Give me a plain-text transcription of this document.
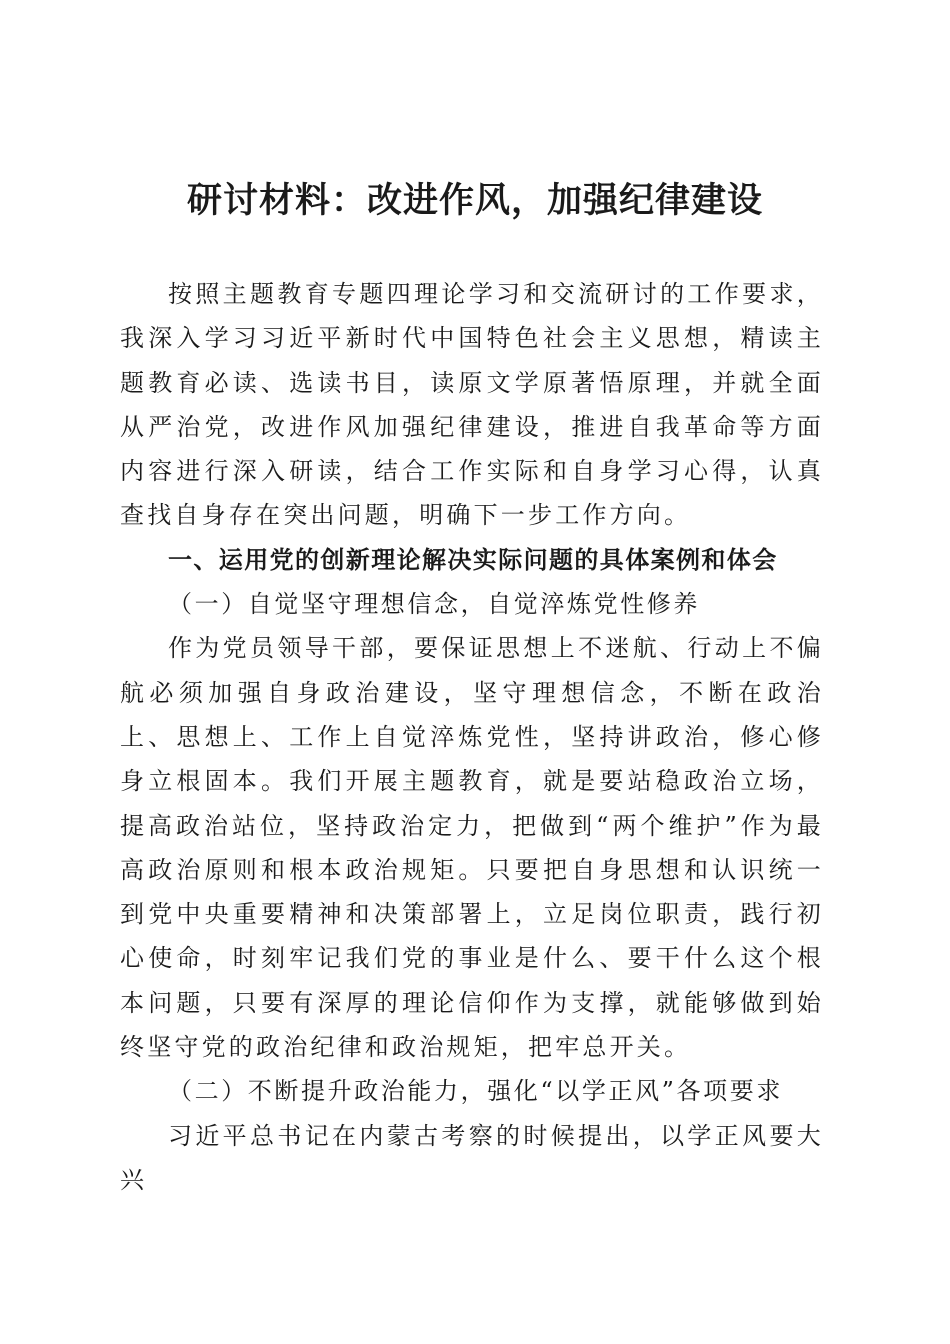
研讨材料：改进作风，加强纪律建设

按照主题教育专题四理论学习和交流研讨的工作要求，我深入学习习近平新时代中国特色社会主义思想，精读主题教育必读、选读书目，读原文学原著悟原理，并就全面从严治党，改进作风加强纪律建设，推进自我革命等方面内容进行深入研读，结合工作实际和自身学习心得，认真查找自身存在突出问题，明确下一步工作方向。

一、运用党的创新理论解决实际问题的具体案例和体会

（一）自觉坚守理想信念，自觉淬炼党性修养

作为党员领导干部，要保证思想上不迷航、行动上不偏航必须加强自身政治建设，坚守理想信念，不断在政治上、思想上、工作上自觉淬炼党性，坚持讲政治，修心修身立根固本。我们开展主题教育，就是要站稳政治立场，提高政治站位，坚持政治定力，把做到“两个维护”作为最高政治原则和根本政治规矩。只要把自身思想和认识统一到党中央重要精神和决策部署上，立足岗位职责，践行初心使命，时刻牢记我们党的事业是什么、要干什么这个根本问题，只要有深厚的理论信仰作为支撑，就能够做到始终坚守党的政治纪律和政治规矩，把牢总开关。

（二）不断提升政治能力，强化“以学正风”各项要求

习近平总书记在内蒙古考察的时候提出，以学正风要大兴
